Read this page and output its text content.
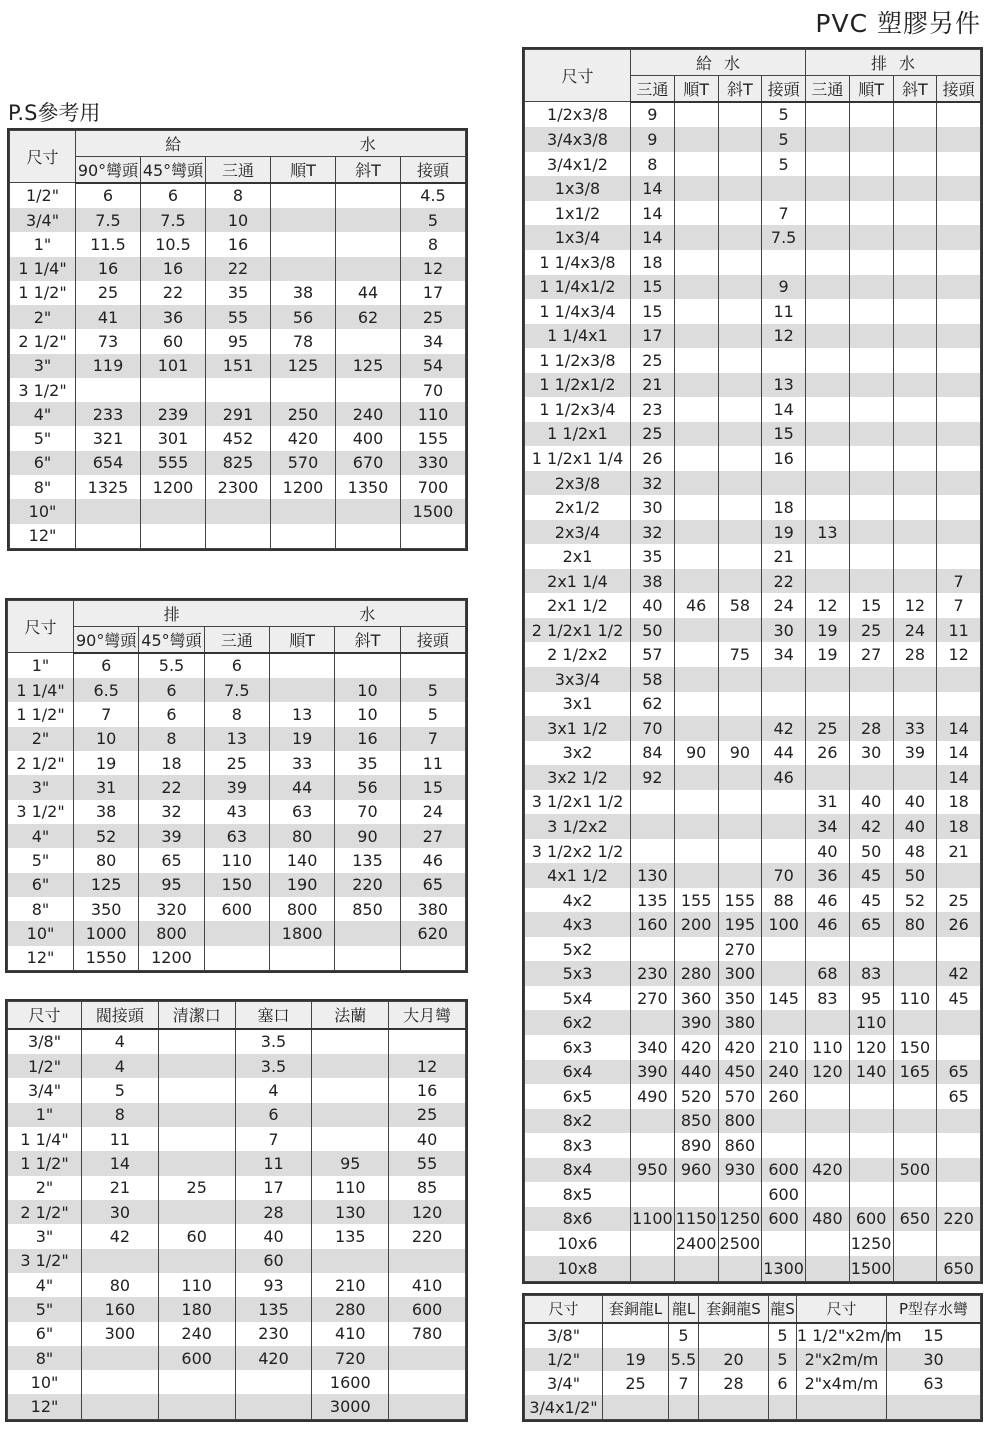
PVC 塑膠另件
P.S參考用
尺寸	給			水		
	90°彎頭	45°彎頭	三通	順T	斜T	接頭
1/2"	6	6	8			4.5
3/4"	7.5	7.5	10			5
1"	11.5	10.5	16			8
1 1/4"	16	16	22			12
1 1/2"	25	22	35	38	44	17
2"	41	36	55	56	62	25
2 1/2"	73	60	95	78		34
3"	119	101	151	125	125	54
3 1/2"						70
4"	233	239	291	250	240	110
5"	321	301	452	420	400	155
6"	654	555	825	570	670	330
8"	1325	1200	2300	1200	1350	700
10"						1500
12"						
尺寸	排			水		
	90°彎頭	45°彎頭	三通	順T	斜T	接頭
1"	6	5.5	6			
1 1/4"	6.5	6	7.5		10	5
1 1/2"	7	6	8	13	10	5
2"	10	8	13	19	16	7
2 1/2"	19	18	25	33	35	11
3"	31	22	39	44	56	15
3 1/2"	38	32	43	63	70	24
4"	52	39	63	80	90	27
5"	80	65	110	140	135	46
6"	125	95	150	190	220	65
8"	350	320	600	800	850	380
10"	1000	800		1800		620
12"	1550	1200				
尺寸	閥接頭	清潔口	塞口	法蘭	大月彎
3/8"	4		3.5		
1/2"	4		3.5		12
3/4"	5		4		16
1"	8		6		25
1 1/4"	11		7		40
1 1/2"	14		11	95	55
2"	21	25	17	110	85
2 1/2"	30		28	130	120
3"	42	60	40	135	220
3 1/2"			60		
4"	80	110	93	210	410
5"	160	180	135	280	600
6"	300	240	230	410	780
8"		600	420	720	
10"				1600	
12"				3000	
尺寸	給		水		排		水	
	三通	順T	斜T	接頭	三通	順T	斜T	接頭
1/2x3/8	9			5				
3/4x3/8	9			5				
3/4x1/2	8			5				
1x3/8	14							
1x1/2	14			7				
1x3/4	14			7.5				
1 1/4x3/8	18							
1 1/4x1/2	15			9				
1 1/4x3/4	15			11				
1 1/4x1	17			12				
1 1/2x3/8	25							
1 1/2x1/2	21			13				
1 1/2x3/4	23			14				
1 1/2x1	25			15				
1 1/2x1 1/4	26			16				
2x3/8	32							
2x1/2	30			18				
2x3/4	32			19	13			
2x1	35			21				
2x1 1/4	38			22				7
2x1 1/2	40	46	58	24	12	15	12	7
2 1/2x1 1/2	50			30	19	25	24	11
2 1/2x2	57		75	34	19	27	28	12
3x3/4	58							
3x1	62							
3x1 1/2	70			42	25	28	33	14
3x2	84	90	90	44	26	30	39	14
3x2 1/2	92			46				14
3 1/2x1 1/2					31	40	40	18
3 1/2x2					34	42	40	18
3 1/2x2 1/2					40	50	48	21
4x1 1/2	130			70	36	45	50	
4x2	135	155	155	88	46	45	52	25
4x3	160	200	195	100	46	65	80	26
5x2			270					
5x3	230	280	300		68	83		42
5x4	270	360	350	145	83	95	110	45
6x2		390	380			110		
6x3	340	420	420	210	110	120	150	
6x4	390	440	450	240	120	140	165	65
6x5	490	520	570	260				65
8x2		850	800					
8x3		890	860					
8x4	950	960	930	600	420		500	
8x5				600				
8x6	1100	1150	1250	600	480	600	650	220
10x6		2400	2500			1250		
10x8				1300		1500		650
尺寸	套銅龍L	龍L	套銅龍S	龍S	尺寸	P型存水彎
3/8"		5		5	1 1/2"x2m/m	15
1/2"	19	5.5	20	5	2"x2m/m	30
3/4"	25	7	28	6	2"x4m/m	63
3/4x1/2"						
